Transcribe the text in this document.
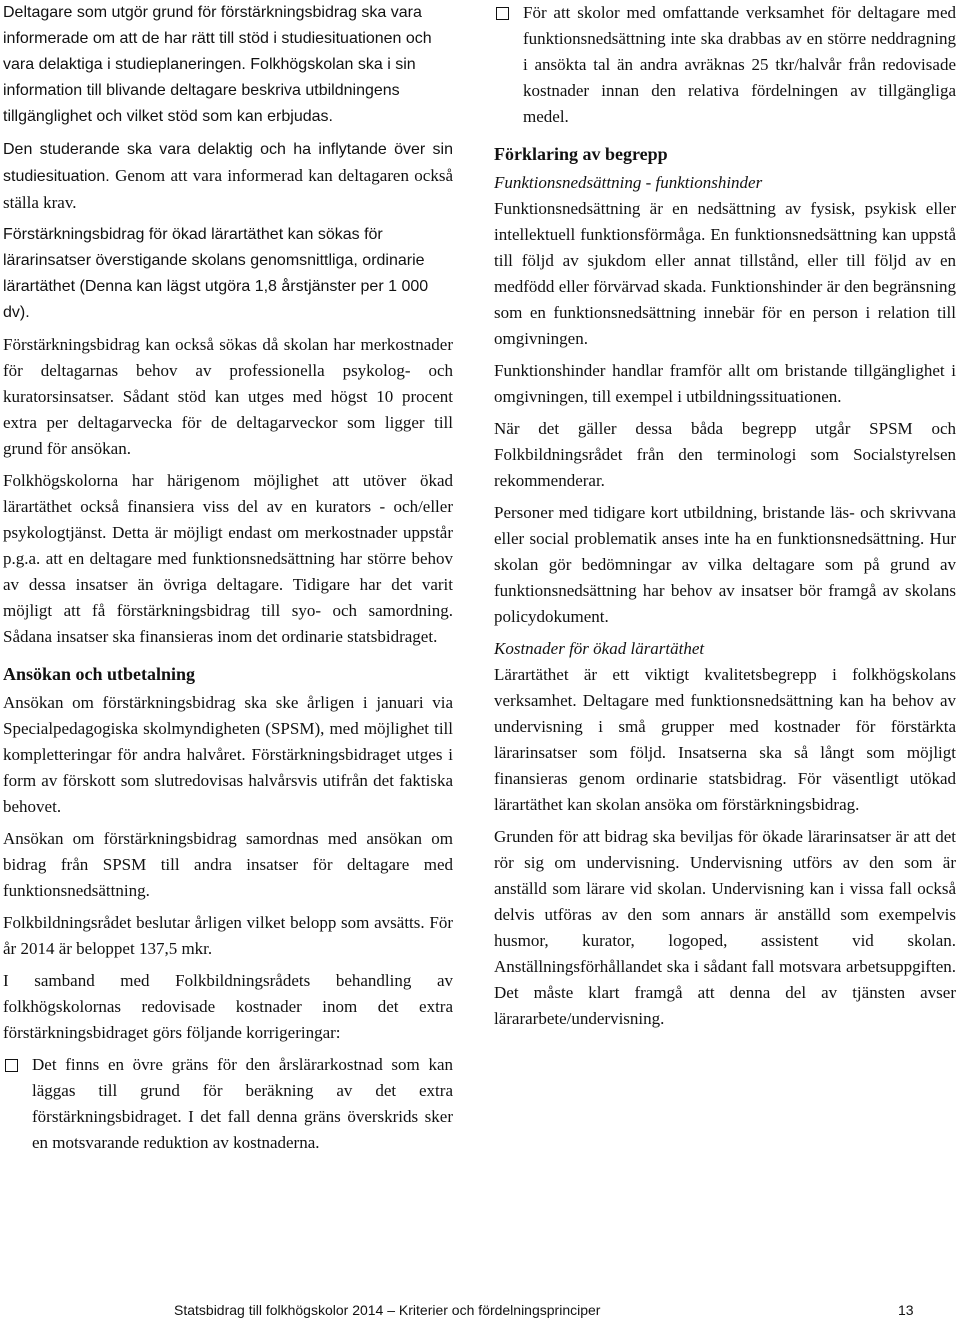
Deltagare som utgör grund för förstärkningsbidrag ska vara informerade om att de har rätt till stöd i studiesituationen och vara delaktiga i studieplaneringen. Folkhögskolan ska i sin information till blivande deltagare beskriva utbildningens tillgänglighet och vilket stöd som kan erbjudas.

Den studerande ska vara delaktig och ha inflytande över sin studiesituation. Genom att vara informerad kan deltagaren också ställa krav.

Förstärkningsbidrag för ökad lärartäthet kan sökas för lärarinsatser överstigande skolans genomsnittliga, ordinarie lärartäthet (Denna kan lägst utgöra 1,8 årstjänster per 1 000 dv).

Förstärkningsbidrag kan också sökas då skolan har merkostnader för deltagarnas behov av professionella psykolog- och kuratorsinsatser. Sådant stöd kan utges med högst 10 procent extra per deltagarvecka för de deltagarveckor som ligger till grund för ansökan.

Folkhögskolorna har härigenom möjlighet att utöver ökad lärartäthet också finansiera viss del av en kurators - och/eller psykologtjänst. Detta är möjligt endast om merkostnader uppstår p.g.a. att en deltagare med funktionsnedsättning har större behov av dessa insatser än övriga deltagare. Tidigare har det varit möjligt att få förstärkningsbidrag till syo- och samordning. Sådana insatser ska finansieras inom det ordinarie statsbidraget.

Ansökan och utbetalning

Ansökan om förstärkningsbidrag ska ske årligen i januari via Specialpedagogiska skolmyndigheten (SPSM), med möjlighet till kompletteringar för andra halvåret. Förstärkningsbidraget utges i form av förskott som slutredovisas halvårsvis utifrån det faktiska behovet.

Ansökan om förstärkningsbidrag samordnas med ansökan om bidrag från SPSM till andra insatser för deltagare med funktionsnedsättning.

Folkbildningsrådet beslutar årligen vilket belopp som avsätts. För år 2014 är beloppet 137,5 mkr.

I samband med Folkbildningsrådets behandling av folkhögskolornas redovisade kostnader inom det extra förstärkningsbidraget görs följande korrigeringar:

Det finns en övre gräns för den årslärarkostnad som kan läggas till grund för beräkning av det extra förstärkningsbidraget. I det fall denna gräns överskrids sker en motsvarande reduktion av kostnaderna.

För att skolor med omfattande verksamhet för deltagare med funktionsnedsättning inte ska drabbas av en större neddragning i ansökta tal än andra avräknas 25 tkr/halvår från redovisade kostnader innan den relativa fördelningen av tillgängliga medel.

Förklaring av begrepp

Funktionsnedsättning - funktionshinder

Funktionsnedsättning är en nedsättning av fysisk, psykisk eller intellektuell funktionsförmåga. En funktionsnedsättning kan uppstå till följd av sjukdom eller annat tillstånd, eller till följd av en medfödd eller förvärvad skada. Funktionshinder är den begränsning som en funktionsnedsättning innebär för en person i relation till omgivningen.

Funktionshinder handlar framför allt om bristande tillgänglighet i omgivningen, till exempel i utbildningssituationen.

När det gäller dessa båda begrepp utgår SPSM och Folkbildningsrådet från den terminologi som Socialstyrelsen rekommenderar.

Personer med tidigare kort utbildning, bristande läs- och skrivvana eller social problematik anses inte ha en funktionsnedsättning. Hur skolan gör bedömningar av vilka deltagare som på grund av funktionsnedsättning har behov av insatser bör framgå av skolans policydokument.

Kostnader för ökad lärartäthet

Lärartäthet är ett viktigt kvalitetsbegrepp i folkhögskolans verksamhet. Deltagare med funktionsnedsättning kan ha behov av undervisning i små grupper med kostnader för förstärkta lärarinsatser som följd. Insatserna ska så långt som möjligt finansieras genom ordinarie statsbidrag. För väsentligt utökad lärartäthet kan skolan ansöka om förstärkningsbidrag.

Grunden för att bidrag ska beviljas för ökade lärarinsatser är att det rör sig om undervisning. Undervisning utförs av den som är anställd som lärare vid skolan. Undervisning kan i vissa fall också delvis utföras av den som annars är anställd som exempelvis husmor, kurator, logoped, assistent vid skolan. Anställningsförhållandet ska i sådant fall motsvara arbetsuppgiften. Det måste klart framgå att denna del av tjänsten avser lärararbete/undervisning.

Statsbidrag till folkhögskolor 2014 – Kriterier och fördelningsprinciper	13
